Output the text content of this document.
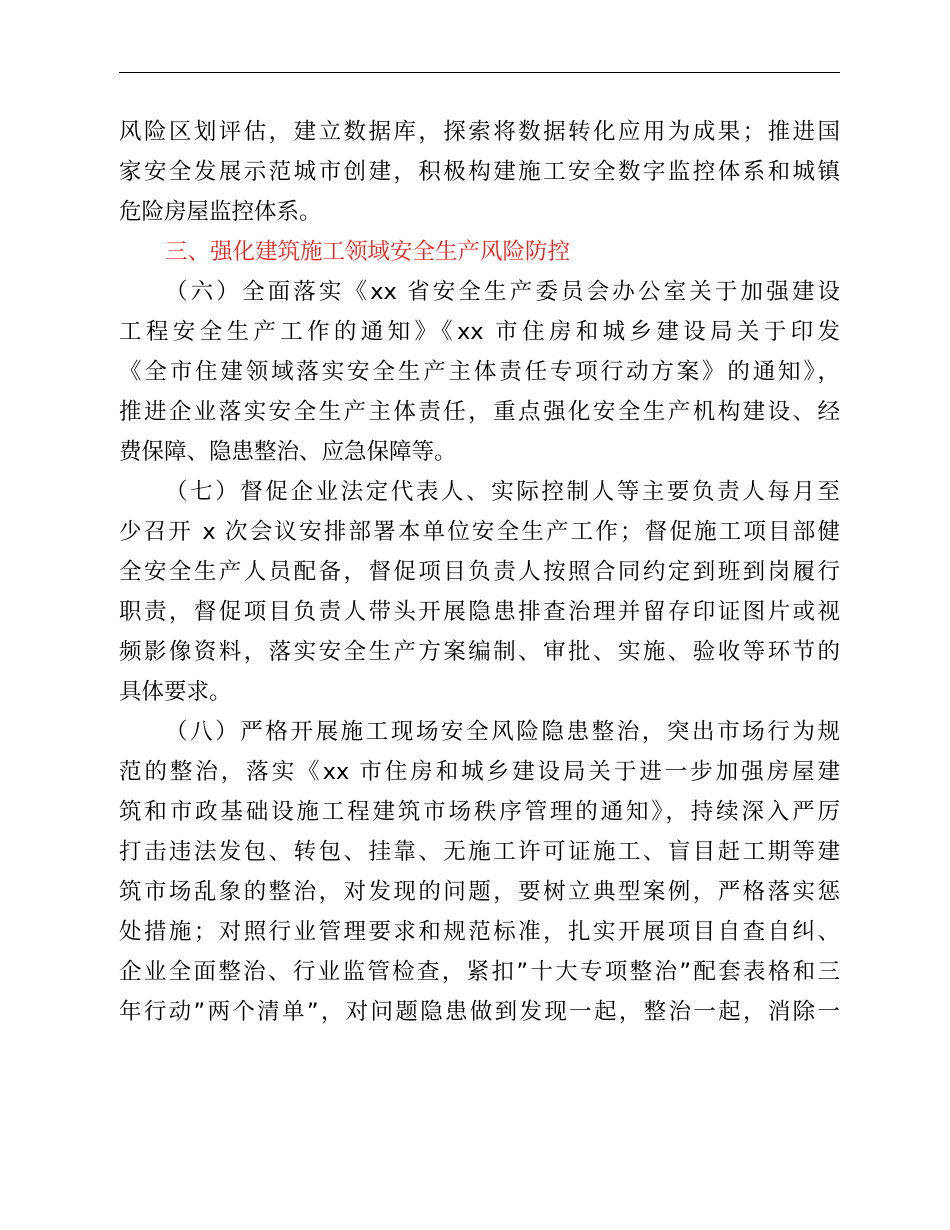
风险区划评估，建立数据库，探索将数据转化应用为成果；推进国
家安全发展示范城市创建，积极构建施工安全数字监控体系和城镇
危险房屋监控体系。
三、强化建筑施工领域安全生产风险防控
（六）全面落实《xx 省安全生产委员会办公室关于加强建设
工程安全生产工作的通知》《xx 市住房和城乡建设局关于印发
《全市住建领域落实安全生产主体责任专项行动方案》的通知》，
推进企业落实安全生产主体责任，重点强化安全生产机构建设、经
费保障、隐患整治、应急保障等。
（七）督促企业法定代表人、实际控制人等主要负责人每月至
少召开 x 次会议安排部署本单位安全生产工作；督促施工项目部健
全安全生产人员配备，督促项目负责人按照合同约定到班到岗履行
职责，督促项目负责人带头开展隐患排查治理并留存印证图片或视
频影像资料，落实安全生产方案编制、审批、实施、验收等环节的
具体要求。
（八）严格开展施工现场安全风险隐患整治，突出市场行为规
范的整治，落实《xx 市住房和城乡建设局关于进一步加强房屋建
筑和市政基础设施工程建筑市场秩序管理的通知》，持续深入严厉
打击违法发包、转包、挂靠、无施工许可证施工、盲目赶工期等建
筑市场乱象的整治，对发现的问题，要树立典型案例，严格落实惩
处措施；对照行业管理要求和规范标准，扎实开展项目自查自纠、
企业全面整治、行业监管检查，紧扣”十大专项整治”配套表格和三
年行动”两个清单”，对问题隐患做到发现一起，整治一起，消除一
